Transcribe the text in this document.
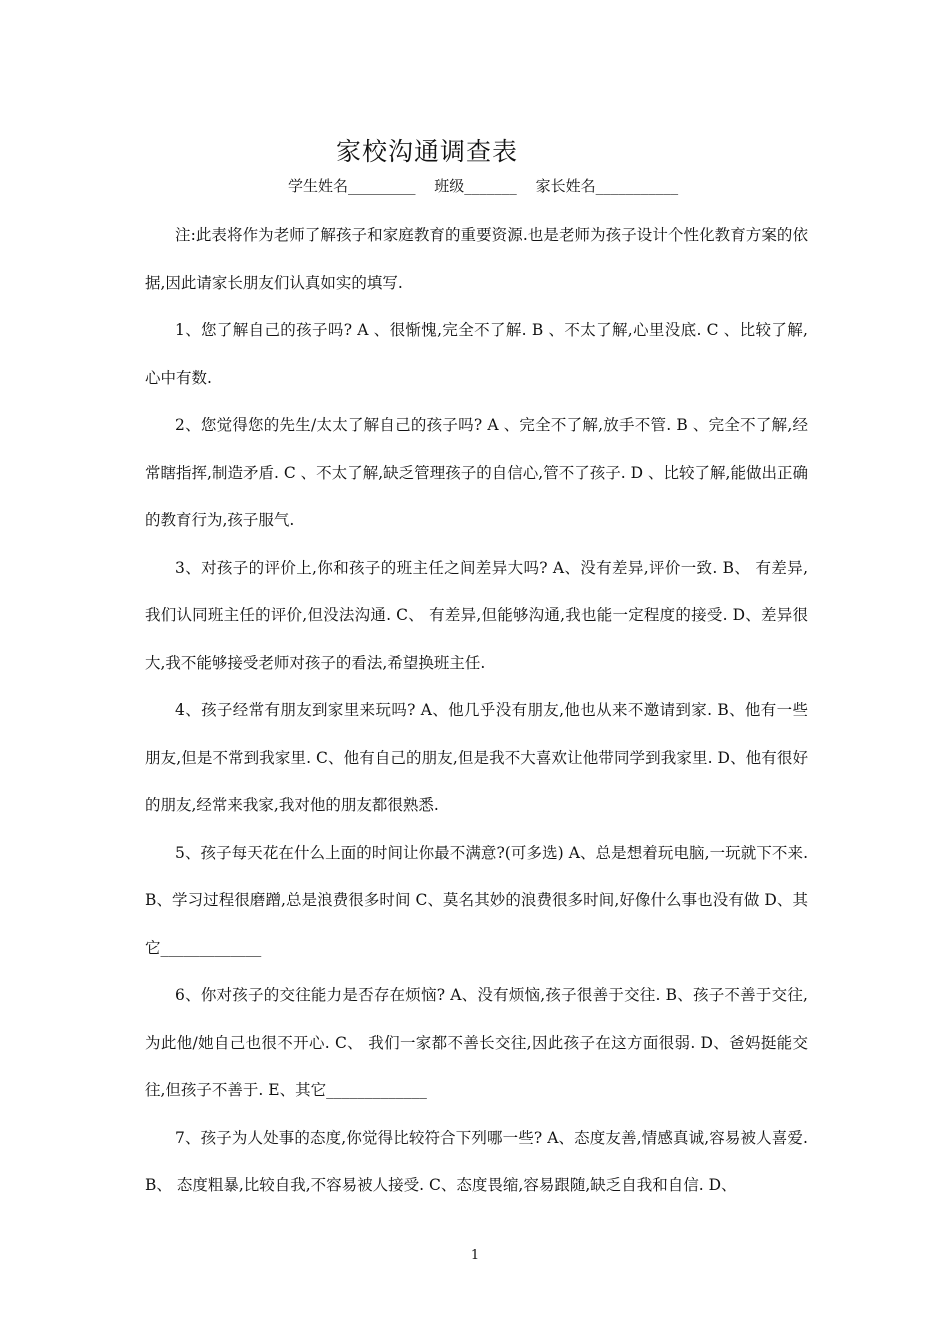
家校沟通调查表
学生姓名_________ 班级_______ 家长姓名___________

注:此表将作为老师了解孩子和家庭教育的重要资源.也是老师为孩子设计个性化教育方案的依据,因此请家长朋友们认真如实的填写.

1、您了解自己的孩子吗? A 、很惭愧,完全不了解. B 、不太了解,心里没底. C 、比较了解,心中有数.

2、您觉得您的先生/太太了解自己的孩子吗? A 、完全不了解,放手不管. B 、完全不了解,经常瞎指挥,制造矛盾. C 、不太了解,缺乏管理孩子的自信心,管不了孩子. D 、比较了解,能做出正确的教育行为,孩子服气.

3、对孩子的评价上,你和孩子的班主任之间差异大吗? A、没有差异,评价一致. B、 有差异,我们认同班主任的评价,但没法沟通. C、 有差异,但能够沟通,我也能一定程度的接受. D、差异很大,我不能够接受老师对孩子的看法,希望换班主任.

4、孩子经常有朋友到家里来玩吗? A、他几乎没有朋友,他也从来不邀请到家. B、他有一些朋友,但是不常到我家里. C、他有自己的朋友,但是我不大喜欢让他带同学到我家里. D、他有很好的朋友,经常来我家,我对他的朋友都很熟悉.

5、孩子每天花在什么上面的时间让你最不满意?(可多选) A、总是想着玩电脑,一玩就下不来. B、学习过程很磨蹭,总是浪费很多时间 C、莫名其妙的浪费很多时间,好像什么事也没有做 D、其它_____________

6、你对孩子的交往能力是否存在烦恼? A、没有烦恼,孩子很善于交往. B、孩子不善于交往,为此他/她自己也很不开心. C、 我们一家都不善长交往,因此孩子在这方面很弱. D、爸妈挺能交往,但孩子不善于. E、其它_____________

7、孩子为人处事的态度,你觉得比较符合下列哪一些? A、态度友善,情感真诚,容易被人喜爱. B、 态度粗暴,比较自我,不容易被人接受. C、态度畏缩,容易跟随,缺乏自我和自信. D、

1
